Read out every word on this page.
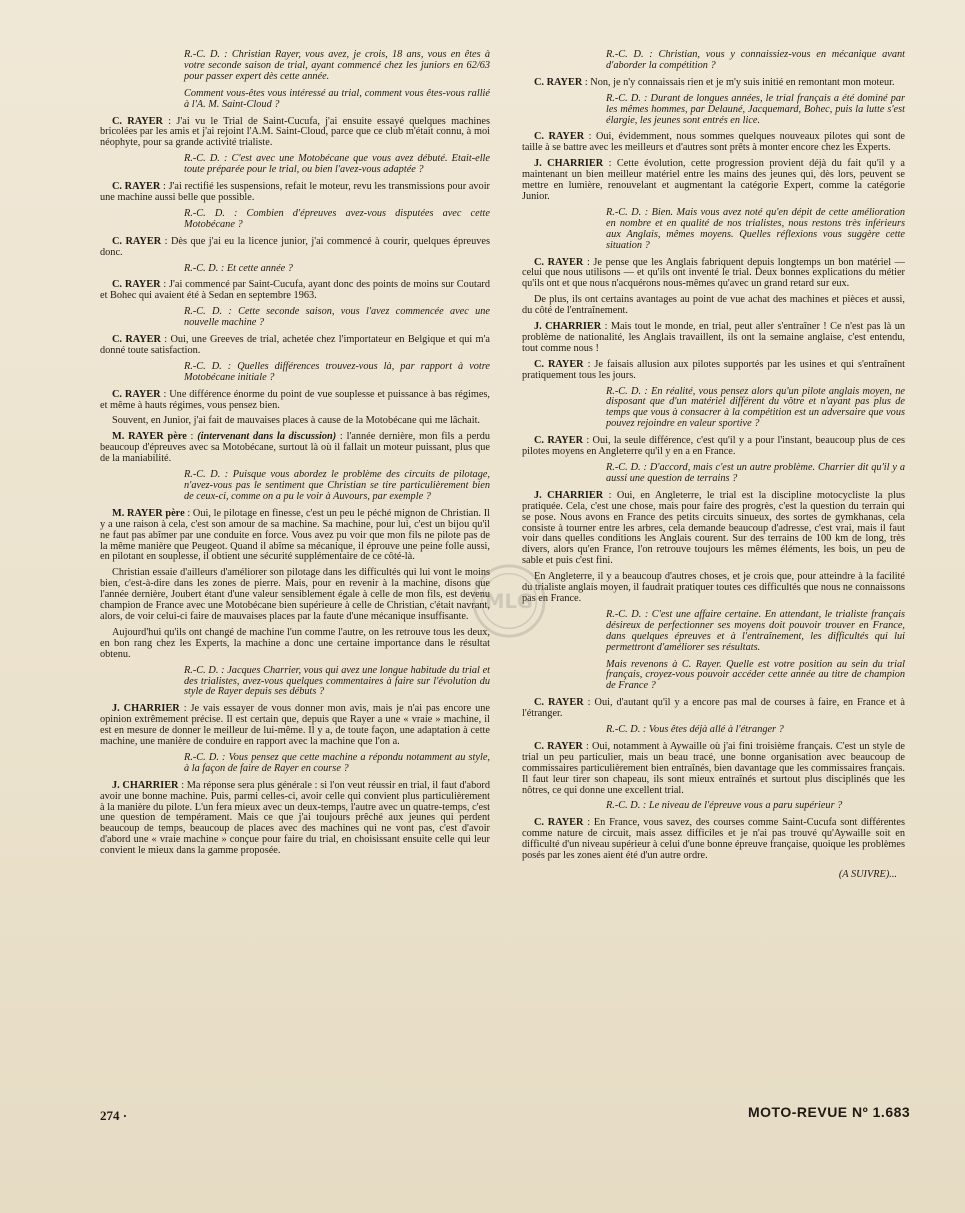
R.-C. D. : Christian Rayer, vous avez, je crois, 18 ans, vous en êtes à votre seconde saison de trial, ayant commencé chez les juniors en 62/63 pour passer expert dès cette année.

Comment vous-êtes vous intéressé au trial, comment vous êtes-vous rallié à l'A. M. Saint-Cloud ?

C. RAYER : J'ai vu le Trial de Saint-Cucufa, j'ai ensuite essayé quelques machines bricolées par les amis et j'ai rejoint l'A.M. Saint-Cloud, parce que ce club m'était connu, à moi néophyte, pour sa grande activité trialiste.

R.-C. D. : C'est avec une Motobécane que vous avez débuté. Etait-elle toute préparée pour le trial, ou bien l'avez-vous adaptée ?

C. RAYER : J'ai rectifié les suspensions, refait le moteur, revu les transmissions pour avoir une machine aussi belle que possible.

R.-C. D. : Combien d'épreuves avez-vous disputées avec cette Motobécane ?

C. RAYER : Dès que j'ai eu la licence junior, j'ai commencé à courir, quelques épreuves donc.

R.-C. D. : Et cette année ?

C. RAYER : J'ai commencé par Saint-Cucufa, ayant donc des points de moins sur Coutard et Bohec qui avaient été à Sedan en septembre 1963.

R.-C. D. : Cette seconde saison, vous l'avez commencée avec une nouvelle machine ?

C. RAYER : Oui, une Greeves de trial, achetée chez l'importateur en Belgique et qui m'a donné toute satisfaction.

R.-C. D. : Quelles différences trouvez-vous là, par rapport à votre Motobécane initiale ?

C. RAYER : Une différence énorme du point de vue souplesse et puissance à bas régimes, et même à hauts régimes, vous pensez bien.

Souvent, en Junior, j'ai fait de mauvaises places à cause de la Motobécane qui me lâchait.

M. RAYER père : (intervenant dans la discussion) : l'année dernière, mon fils a perdu beaucoup d'épreuves avec sa Motobécane, surtout là où il fallait un moteur puissant, plus que de la maniabilité.

R.-C. D. : Puisque vous abordez le problème des circuits de pilotage, n'avez-vous pas le sentiment que Christian se tire particulièrement bien de ceux-ci, comme on a pu le voir à Auvours, par exemple ?

M. RAYER père : Oui, le pilotage en finesse, c'est un peu le péché mignon de Christian. Il y a une raison à cela, c'est son amour de sa machine. Sa machine, pour lui, c'est un bijou qu'il ne faut pas abîmer par une conduite en force. Vous avez pu voir que mon fils ne pilote pas de la même manière que Peugeot. Quand il abîme sa mécanique, il éprouve une peine folle aussi, en pilotant en souplesse, il obtient une sécurité supplémentaire de ce côté-là.

Christian essaie d'ailleurs d'améliorer son pilotage dans les difficultés qui lui vont le moins bien, c'est-à-dire dans les zones de pierre. Mais, pour en revenir à la machine, disons que l'année dernière, Joubert étant d'une valeur sensiblement égale à celle de mon fils, est devenu champion de France avec une Motobécane bien supérieure à celle de Christian, c'était navrant, alors, de voir celui-ci faire de mauvaises places par la faute d'une mécanique insuffisante.

Aujourd'hui qu'ils ont changé de machine l'un comme l'autre, on les retrouve tous les deux, en bon rang chez les Experts, la machine a donc une certaine importance dans le résultat obtenu.

R.-C. D. : Jacques Charrier, vous qui avez une longue habitude du trial et des trialistes, avez-vous quelques commentaires à faire sur l'évolution du style de Rayer depuis ses débuts ?

J. CHARRIER : Je vais essayer de vous donner mon avis, mais je n'ai pas encore une opinion extrêmement précise. Il est certain que, depuis que Rayer a une « vraie » machine, il est en mesure de donner le meilleur de lui-même. Il y a, de toute façon, une adaptation à cette machine, une manière de conduire en rapport avec la machine que l'on a.

R.-C. D. : Vous pensez que cette machine a répondu notamment au style, à la façon de faire de Rayer en course ?

J. CHARRIER : Ma réponse sera plus générale : si l'on veut réussir en trial, il faut d'abord avoir une bonne machine. Puis, parmi celles-ci, avoir celle qui convient plus particulièrement à la manière du pilote. L'un fera mieux avec un deux-temps, l'autre avec un quatre-temps, c'est une question de tempérament. Mais ce que j'ai toujours prêché aux jeunes qui perdent beaucoup de temps, beaucoup de places avec des machines qui ne vont pas, c'est d'avoir d'abord une « vraie machine » conçue pour faire du trial, en choisissant ensuite celle qui leur convient le mieux dans la gamme proposée.

R.-C. D. : Christian, vous y connaissiez-vous en mécanique avant d'aborder la compétition ?

C. RAYER : Non, je n'y connaissais rien et je m'y suis initié en remontant mon moteur.

R.-C. D. : Durant de longues années, le trial français a été dominé par les mêmes hommes, par Delauné, Jacquemard, Bohec, puis la lutte s'est élargie, les jeunes sont entrés en lice.

C. RAYER : Oui, évidemment, nous sommes quelques nouveaux pilotes qui sont de taille à se battre avec les meilleurs et d'autres sont prêts à monter encore chez les Experts.

J. CHARRIER : Cette évolution, cette progression provient déjà du fait qu'il y a maintenant un bien meilleur matériel entre les mains des jeunes qui, dès lors, peuvent se mettre en lumière, renouvelant et augmentant la catégorie Expert, comme la catégorie Junior.

R.-C. D. : Bien. Mais vous avez noté qu'en dépit de cette amélioration en nombre et en qualité de nos trialistes, nous restons très inférieurs aux Anglais, mêmes moyens. Quelles réflexions vous suggère cette situation ?

C. RAYER : Je pense que les Anglais fabriquent depuis longtemps un bon matériel — celui que nous utilisons — et qu'ils ont inventé le trial. Deux bonnes explications du métier qu'ils ont et que nous n'acquérons nous-mêmes qu'avec un grand retard sur eux.

De plus, ils ont certains avantages au point de vue achat des machines et pièces et aussi, du côté de l'entraînement.

J. CHARRIER : Mais tout le monde, en trial, peut aller s'entraîner ! Ce n'est pas là un problème de nationalité, les Anglais travaillent, ils ont la semaine anglaise, c'est entendu, tout comme nous !

C. RAYER : Je faisais allusion aux pilotes supportés par les usines et qui s'entraînent pratiquement tous les jours.

R.-C. D. : En réalité, vous pensez alors qu'un pilote anglais moyen, ne disposant que d'un matériel différent du vôtre et n'ayant pas plus de temps que vous à consacrer à la compétition est un adversaire que vous pouvez rejoindre en valeur sportive ?

C. RAYER : Oui, la seule différence, c'est qu'il y a pour l'instant, beaucoup plus de ces pilotes moyens en Angleterre qu'il y en a en France.

R.-C. D. : D'accord, mais c'est un autre problème. Charrier dit qu'il y a aussi une question de terrains ?

J. CHARRIER : Oui, en Angleterre, le trial est la discipline motocycliste la plus pratiquée. Cela, c'est une chose, mais pour faire des progrès, c'est la question du terrain qui se pose. Nous avons en France des petits circuits sinueux, des sortes de gymkhanas, cela consiste à tourner entre les arbres, cela demande beaucoup d'adresse, c'est vrai, mais il faut voir dans quelles conditions les Anglais courent. Sur des terrains de 100 km de long, très divers, alors qu'en France, l'on retrouve toujours les mêmes éléments, les bois, un peu de sable et puis c'est fini.

En Angleterre, il y a beaucoup d'autres choses, et je crois que, pour atteindre à la facilité du trialiste anglais moyen, il faudrait pratiquer toutes ces difficultés que nous ne connaissons pas en France.

R.-C. D. : C'est une affaire certaine. En attendant, le trialiste français désireux de perfectionner ses moyens doit pouvoir trouver en France, dans quelques épreuves et à l'entraînement, les difficultés qui lui permettront d'améliorer ses résultats.

Mais revenons à C. Rayer. Quelle est votre position au sein du trial français, croyez-vous pouvoir accéder cette année au titre de champion de France ?

C. RAYER : Oui, d'autant qu'il y a encore pas mal de courses à faire, en France et à l'étranger.

R.-C. D. : Vous êtes déjà allé à l'étranger ?

C. RAYER : Oui, notamment à Aywaille où j'ai fini troisième français. C'est un style de trial un peu particulier, mais un beau tracé, une bonne organisation avec beaucoup de commissaires particulièrement bien entraînés, bien davantage que les commissaires français. Il faut leur tirer son chapeau, ils sont mieux entraînés et surtout plus disciplinés que les nôtres, ce qui donne une excellent trial.

R.-C. D. : Le niveau de l'épreuve vous a paru supérieur ?

C. RAYER : En France, vous savez, des courses comme Saint-Cucufa sont différentes comme nature de circuit, mais assez difficiles et je n'ai pas trouvé qu'Aywaille soit en difficulté d'un niveau supérieur à celui d'une bonne épreuve française, quoique les problèmes posés par les zones aient été d'un autre ordre.

(A SUIVRE)...
MLG
274 ·	MOTO-REVUE Nº 1.683
